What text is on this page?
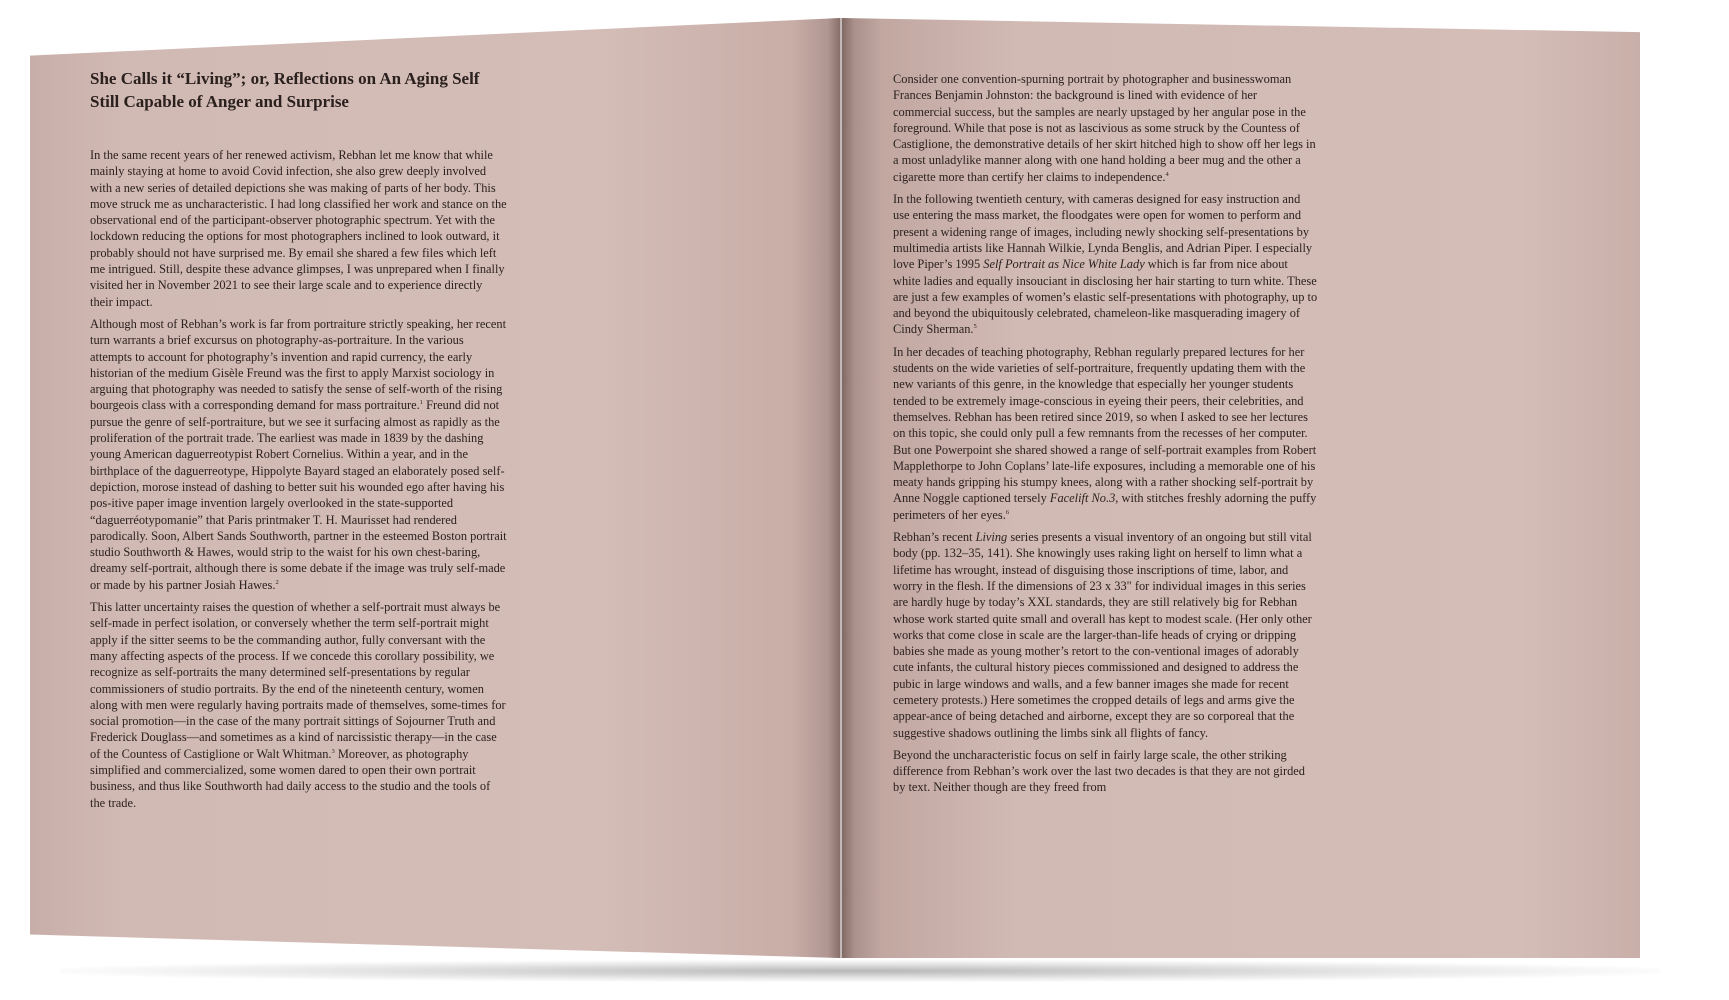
She Calls it “Living”; or, Reflections on An Aging Self
Still Capable of Anger and Surprise

In the same recent years of her renewed activism, Rebhan let me know that while mainly staying at home to avoid Covid infection, she also grew deeply involved with a new series of detailed depictions she was making of parts of her body. This move struck me as uncharacteristic. I had long classified her work and stance on the observational end of the participant-observer photographic spectrum. Yet with the lockdown reducing the options for most photographers inclined to look outward, it probably should not have surprised me. By email she shared a few files which left me intrigued. Still, despite these advance glimpses, I was unprepared when I finally visited her in November 2021 to see their large scale and to experience directly their impact.

Although most of Rebhan’s work is far from portraiture strictly speaking, her recent turn warrants a brief excursus on photography-as-portraiture. In the various attempts to account for photography’s invention and rapid currency, the early historian of the medium Gisèle Freund was the first to apply Marxist sociology in arguing that photography was needed to satisfy the sense of self-worth of the rising bourgeois class with a corresponding demand for mass portraiture.$^1$ Freund did not pursue the genre of self-portraiture, but we see it surfacing almost as rapidly as the proliferation of the portrait trade. The earliest was made in 1839 by the dashing young American daguerreotypist Robert Cornelius. Within a year, and in the birthplace of the daguerreotype, Hippolyte Bayard staged an elaborately posed self-depiction, morose instead of dashing to better suit his wounded ego after having his pos-itive paper image invention largely overlooked in the state-supported “daguerréotypomanie” that Paris printmaker T. H. Maurisset had rendered parodically. Soon, Albert Sands Southworth, partner in the esteemed Boston portrait studio Southworth & Hawes, would strip to the waist for his own chest-baring, dreamy self-portrait, although there is some debate if the image was truly self-made or made by his partner Josiah Hawes.$^2$

This latter uncertainty raises the question of whether a self-portrait must always be self-made in perfect isolation, or conversely whether the term self-portrait might apply if the sitter seems to be the commanding author, fully conversant with the many affecting aspects of the process. If we concede this corollary possibility, we recognize as self-portraits the many determined self-presentations by regular commissioners of studio portraits. By the end of the nineteenth century, women along with men were regularly having portraits made of themselves, some-times for social promotion—in the case of the many portrait sittings of Sojourner Truth and Frederick Douglass—and sometimes as a kind of narcissistic therapy—in the case of the Countess of Castiglione or Walt Whitman.$^3$ Moreover, as photography simplified and commercialized, some women dared to open their own portrait business, and thus like Southworth had daily access to the studio and the tools of the trade.

Consider one convention-spurning portrait by photographer and businesswoman Frances Benjamin Johnston: the background is lined with evidence of her commercial success, but the samples are nearly upstaged by her angular pose in the foreground. While that pose is not as lascivious as some struck by the Countess of Castiglione, the demonstrative details of her skirt hitched high to show off her legs in a most unladylike manner along with one hand holding a beer mug and the other a cigarette more than certify her claims to independence.$^4$

In the following twentieth century, with cameras designed for easy instruction and use entering the mass market, the floodgates were open for women to perform and present a widening range of images, including newly shocking self-presentations by multimedia artists like Hannah Wilkie, Lynda Benglis, and Adrian Piper. I especially love Piper’s 1995 Self Portrait as Nice White Lady which is far from nice about white ladies and equally insouciant in disclosing her hair starting to turn white. These are just a few examples of women’s elastic self-presentations with photography, up to and beyond the ubiquitously celebrated, chameleon-like masquerading imagery of Cindy Sherman.$^5$

In her decades of teaching photography, Rebhan regularly prepared lectures for her students on the wide varieties of self-portraiture, frequently updating them with the new variants of this genre, in the knowledge that especially her younger students tended to be extremely image-conscious in eyeing their peers, their celebrities, and themselves. Rebhan has been retired since 2019, so when I asked to see her lectures on this topic, she could only pull a few remnants from the recesses of her computer. But one Powerpoint she shared showed a range of self-portrait examples from Robert Mapplethorpe to John Coplans’ late-life exposures, including a memorable one of his meaty hands gripping his stumpy knees, along with a rather shocking self-portrait by Anne Noggle captioned tersely Facelift No.3, with stitches freshly adorning the puffy perimeters of her eyes.$^6$

Rebhan’s recent Living series presents a visual inventory of an ongoing but still vital body (pp. 132–35, 141). She knowingly uses raking light on herself to limn what a lifetime has wrought, instead of disguising those inscriptions of time, labor, and worry in the flesh. If the dimensions of 23 x 33" for individual images in this series are hardly huge by today’s XXL standards, they are still relatively big for Rebhan whose work started quite small and overall has kept to modest scale. (Her only other works that come close in scale are the larger-than-life heads of crying or dripping babies she made as young mother’s retort to the con-ventional images of adorably cute infants, the cultural history pieces commissioned and designed to address the pubic in large windows and walls, and a few banner images she made for recent cemetery protests.) Here sometimes the cropped details of legs and arms give the appear-ance of being detached and airborne, except they are so corporeal that the suggestive shadows outlining the limbs sink all flights of fancy.

Beyond the uncharacteristic focus on self in fairly large scale, the other striking difference from Rebhan’s work over the last two decades is that they are not girded by text. Neither though are they freed from
